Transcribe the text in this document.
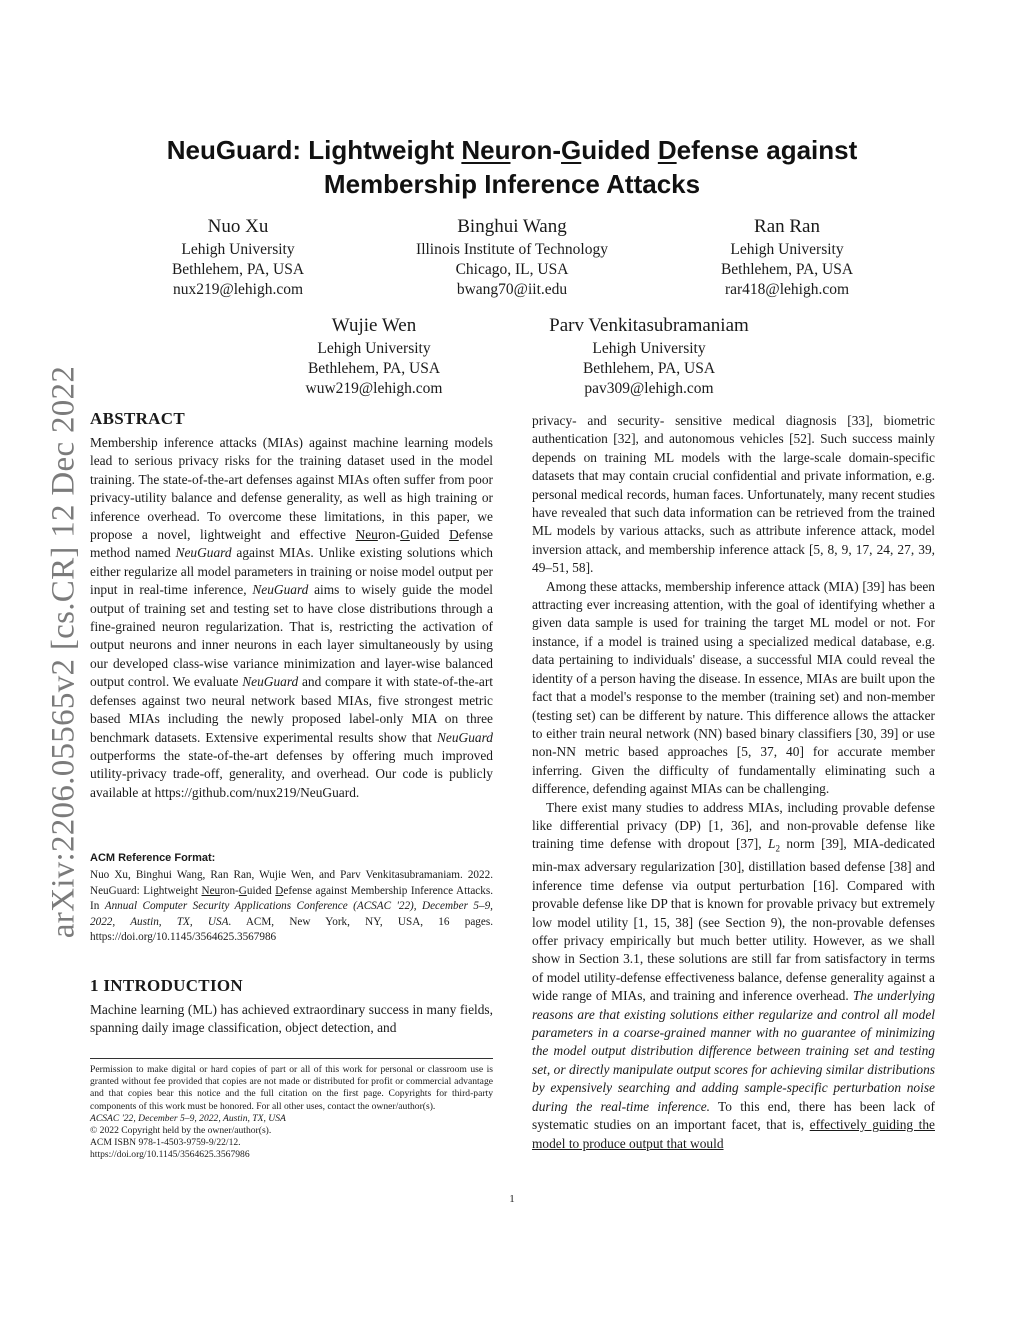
arXiv:2206.05565v2 [cs.CR] 12 Dec 2022
NeuGuard: Lightweight Neuron-Guided Defense against
Membership Inference Attacks
Nuo Xu
Lehigh University
Bethlehem, PA, USA
nux219@lehigh.com
Binghui Wang
Illinois Institute of Technology
Chicago, IL, USA
bwang70@iit.edu
Ran Ran
Lehigh University
Bethlehem, PA, USA
rar418@lehigh.com
Wujie Wen
Lehigh University
Bethlehem, PA, USA
wuw219@lehigh.com
Parv Venkitasubramaniam
Lehigh University
Bethlehem, PA, USA
pav309@lehigh.com
ABSTRACT

Membership inference attacks (MIAs) against machine learning models lead to serious privacy risks for the training dataset used in the model training. The state-of-the-art defenses against MIAs often suffer from poor privacy-utility balance and defense generality, as well as high training or inference overhead. To overcome these limitations, in this paper, we propose a novel, lightweight and effective Neuron-Guided Defense method named NeuGuard against MIAs. Unlike existing solutions which either regularize all model parameters in training or noise model output per input in real-time inference, NeuGuard aims to wisely guide the model output of training set and testing set to have close distributions through a fine-grained neuron regularization. That is, restricting the activation of output neurons and inner neurons in each layer simultaneously by using our developed class-wise variance minimization and layer-wise balanced output control. We evaluate NeuGuard and compare it with state-of-the-art defenses against two neural network based MIAs, five strongest metric based MIAs including the newly proposed label-only MIA on three benchmark datasets. Extensive experimental results show that NeuGuard outperforms the state-of-the-art defenses by offering much improved utility-privacy trade-off, generality, and overhead. Our code is publicly available at https://github.com/nux219/NeuGuard.

ACM Reference Format:

Nuo Xu, Binghui Wang, Ran Ran, Wujie Wen, and Parv Venkitasubramaniam. 2022. NeuGuard: Lightweight Neuron-Guided Defense against Membership Inference Attacks. In Annual Computer Security Applications Conference (ACSAC '22), December 5–9, 2022, Austin, TX, USA. ACM, New York, NY, USA, 16 pages. https://doi.org/10.1145/3564625.3567986

1 INTRODUCTION

Machine learning (ML) has achieved extraordinary success in many fields, spanning daily image classification, object detection, and

Permission to make digital or hard copies of part or all of this work for personal or classroom use is granted without fee provided that copies are not made or distributed for profit or commercial advantage and that copies bear this notice and the full citation on the first page. Copyrights for third-party components of this work must be honored. For all other uses, contact the owner/author(s).

ACSAC '22, December 5–9, 2022, Austin, TX, USA

© 2022 Copyright held by the owner/author(s).

ACM ISBN 978-1-4503-9759-9/22/12.

https://doi.org/10.1145/3564625.3567986

privacy- and security- sensitive medical diagnosis [33], biometric authentication [32], and autonomous vehicles [52]. Such success mainly depends on training ML models with the large-scale domain-specific datasets that may contain crucial confidential and private information, e.g. personal medical records, human faces. Unfortunately, many recent studies have revealed that such data information can be retrieved from the trained ML models by various attacks, such as attribute inference attack, model inversion attack, and membership inference attack [5, 8, 9, 17, 24, 27, 39, 49–51, 58].

Among these attacks, membership inference attack (MIA) [39] has been attracting ever increasing attention, with the goal of identifying whether a given data sample is used for training the target ML model or not. For instance, if a model is trained using a specialized medical database, e.g. data pertaining to individuals' disease, a successful MIA could reveal the identity of a person having the disease. In essence, MIAs are built upon the fact that a model's response to the member (training set) and non-member (testing set) can be different by nature. This difference allows the attacker to either train neural network (NN) based binary classifiers [30, 39] or use non-NN metric based approaches [5, 37, 40] for accurate member inferring. Given the difficulty of fundamentally eliminating such a difference, defending against MIAs can be challenging.

There exist many studies to address MIAs, including provable defense like differential privacy (DP) [1, 36], and non-provable defense like training time defense with dropout [37], $L_2$ norm [39], MIA-dedicated min-max adversary regularization [30], distillation based defense [38] and inference time defense via output perturbation [16]. Compared with provable defense like DP that is known for provable privacy but extremely low model utility [1, 15, 38] (see Section 9), the non-provable defenses offer privacy empirically but much better utility. However, as we shall show in Section 3.1, these solutions are still far from satisfactory in terms of model utility-defense effectiveness balance, defense generality against a wide range of MIAs, and training and inference overhead. The underlying reasons are that existing solutions either regularize and control all model parameters in a coarse-grained manner with no guarantee of minimizing the model output distribution difference between training set and testing set, or directly manipulate output scores for achieving similar distributions by expensively searching and adding sample-specific perturbation noise during the real-time inference. To this end, there has been lack of systematic studies on an important facet, that is, effectively guiding the model to produce output that would

1
